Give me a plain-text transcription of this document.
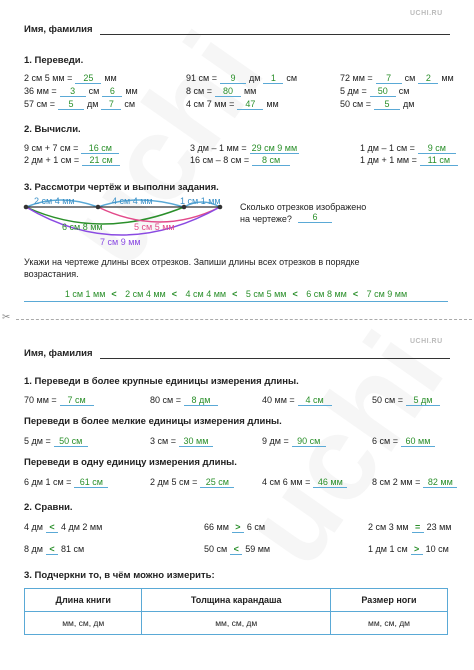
UCHI.RU
Имя, фамилия
1. Переведи.
2 см 5 мм = 25 мм	91 см = 9 дм 1 см	72 мм = 7 см 2 мм
36 мм = 3 см 6 мм	8 см = 80 мм	5 дм = 50 см
57 см = 5 дм 7 см	4 см 7 мм = 47 мм	50 см = 5 дм
2. Вычисли.
9 см + 7 см = 16 см	3 дм – 1 мм = 29 см 9 мм	1 дм – 1 см = 9 см
2 дм + 1 см = 21 см	16 см – 8 см = 8 см	1 дм + 1 мм = 11 см
3. Рассмотри чертёж и выполни задания.
2 см 4 мм	4 см 4 мм	1 см 1 мм
6 см 8 мм	5 см 5 мм
7 см 9 мм
Сколько отрезков изображено
на чертеже?	6
Укажи на чертеже длины всех отрезков. Запиши длины всех отрезков в порядке
возрастания.
1 см 1 мм < 2 см 4 мм < 4 см 4 мм < 5 см 5 мм < 6 см 8 мм < 7 см 9 мм
✂
UCHI.RU
Имя, фамилия
1. Переведи в более крупные единицы измерения длины.
70 мм = 7 см	80 см = 8 дм	40 мм = 4 см	50 см = 5 дм
Переведи в более мелкие единицы измерения длины.
5 дм = 50 см	3 см = 30 мм	9 дм = 90 см	6 см = 60 мм
Переведи в одну единицу измерения длины.
6 дм 1 см = 61 см	2 дм 5 см = 25 см	4 см 6 мм = 46 мм	8 см 2 мм = 82 мм
2. Сравни.
4 дм < 4 дм 2 мм	66 мм > 6 см	2 см 3 мм = 23 мм
8 дм < 81 см	50 см < 59 мм	1 дм 1 см > 10 см
3. Подчеркни то, в чём можно измерить:
Длина книги	Толщина карандаша	Размер ноги
мм, см, дм	мм, см, дм	мм, см, дм
